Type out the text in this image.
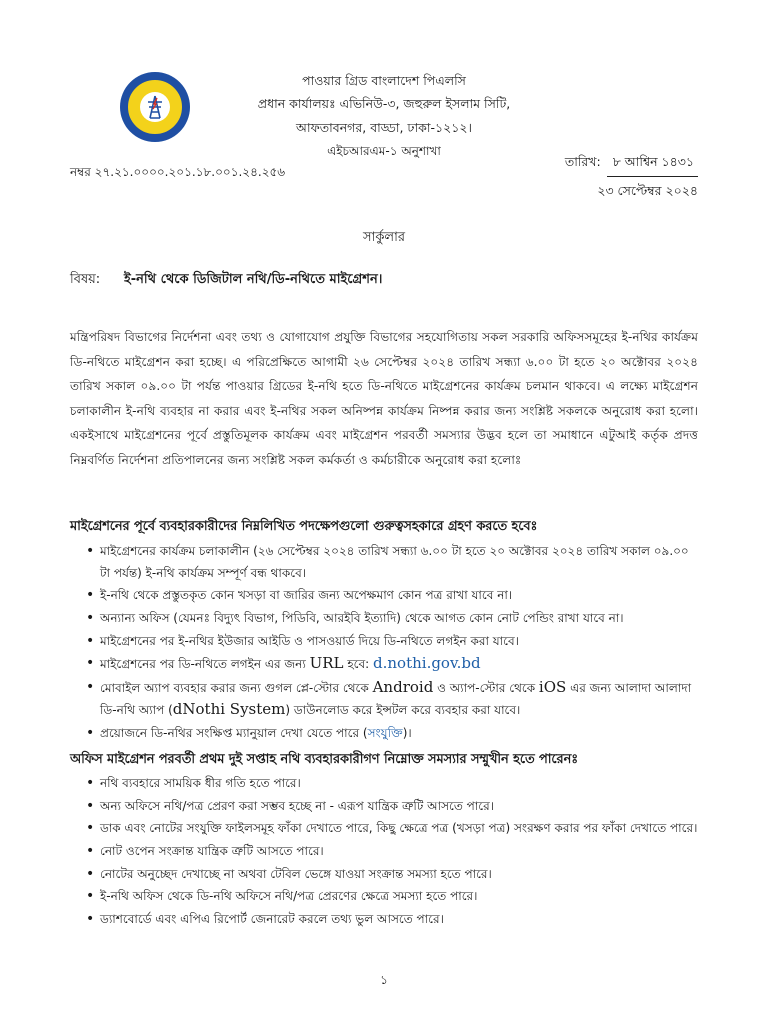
পাওয়ার গ্রিড বাংলাদেশ পিএলসি
প্রধান কার্যালয়ঃ এভিনিউ-৩, জহুরুল ইসলাম সিটি,
আফতাবনগর, বাড্ডা, ঢাকা-১২১২।
এইচআরএম-১ অনুশাখা
নম্বর ২৭.২১.০০০০.২০১.১৮.০০১.২৪.২৫৬
তারিখ: ৮ আশ্বিন ১৪৩১
২৩ সেপ্টেম্বর ২০২৪
সার্কুলার
বিষয়: ই-নথি থেকে ডিজিটাল নথি/ডি-নথিতে মাইগ্রেশন।
মন্ত্রিপরিষদ বিভাগের নির্দেশনা এবং তথ্য ও যোগাযোগ প্রযুক্তি বিভাগের সহযোগিতায় সকল সরকারি অফিসসমূহের ই-নথির কার্যক্রম ডি-নথিতে মাইগ্রেশন করা হচ্ছে। এ পরিপ্রেক্ষিতে আগামী ২৬ সেপ্টেম্বর ২০২৪ তারিখ সন্ধ্যা ৬.০০ টা হতে ২০ অক্টোবর ২০২৪ তারিখ সকাল ০৯.০০ টা পর্যন্ত পাওয়ার গ্রিডের ই-নথি হতে ডি-নথিতে মাইগ্রেশনের কার্যক্রম চলমান থাকবে। এ লক্ষ্যে মাইগ্রেশন চলাকালীন ই-নথি ব্যবহার না করার এবং ই-নথির সকল অনিষ্পন্ন কার্যক্রম নিষ্পন্ন করার জন্য সংশ্লিষ্ট সকলকে অনুরোধ করা হলো। একইসাথে মাইগ্রেশনের পূর্বে প্রস্তুতিমূলক কার্যক্রম এবং মাইগ্রেশন পরবর্তী সমস্যার উদ্ভব হলে তা সমাধানে এটুআই কর্তৃক প্রদত্ত নিম্নবর্ণিত নির্দেশনা প্রতিপালনের জন্য সংশ্লিষ্ট সকল কর্মকর্তা ও কর্মচারীকে অনুরোধ করা হলোঃ
মাইগ্রেশনের পূর্বে ব্যবহারকারীদের নিম্নলিখিত পদক্ষেপগুলো গুরুত্বসহকারে গ্রহণ করতে হবেঃ
• মাইগ্রেশনের কার্যক্রম চলাকালীন (২৬ সেপ্টেম্বর ২০২৪ তারিখ সন্ধ্যা ৬.০০ টা হতে ২০ অক্টোবর ২০২৪ তারিখ সকাল ০৯.০০ টা পর্যন্ত) ই-নথি কার্যক্রম সম্পূর্ণ বন্ধ থাকবে।
• ই-নথি থেকে প্রস্তুতকৃত কোন খসড়া বা জারির জন্য অপেক্ষমাণ কোন পত্র রাখা যাবে না।
• অন্যান্য অফিস (যেমনঃ বিদ্যুৎ বিভাগ, পিডিবি, আরইবি ইত্যাদি) থেকে আগত কোন নোট পেন্ডিং রাখা যাবে না।
• মাইগ্রেশনের পর ই-নথির ইউজার আইডি ও পাসওয়ার্ড দিয়ে ডি-নথিতে লগইন করা যাবে।
• মাইগ্রেশনের পর ডি-নথিতে লগইন এর জন্য URL হবে: d.nothi.gov.bd
• মোবাইল অ্যাপ ব্যবহার করার জন্য গুগল প্লে-স্টোর থেকে Android ও অ্যাপ-স্টোর থেকে iOS এর জন্য আলাদা আলাদা ডি-নথি অ্যাপ (dNothi System) ডাউনলোড করে ইন্সটল করে ব্যবহার করা যাবে।
• প্রয়োজনে ডি-নথির সংক্ষিপ্ত ম্যানুয়াল দেখা যেতে পারে (সংযুক্তি)।
অফিস মাইগ্রেশন পরবর্তী প্রথম দুই সপ্তাহ নথি ব্যবহারকারীগণ নিম্নোক্ত সমস্যার সম্মুখীন হতে পারেনঃ
• নথি ব্যবহারে সাময়িক ধীর গতি হতে পারে।
• অন্য অফিসে নথি/পত্র প্রেরণ করা সম্ভব হচ্ছে না - এরূপ যান্ত্রিক ত্রুটি আসতে পারে।
• ডাক এবং নোটের সংযুক্তি ফাইলসমূহ ফাঁকা দেখাতে পারে, কিছু ক্ষেত্রে পত্র (খসড়া পত্র) সংরক্ষণ করার পর ফাঁকা দেখাতে পারে।
• নোট ওপেন সংক্রান্ত যান্ত্রিক ত্রুটি আসতে পারে।
• নোটের অনুচ্ছেদ দেখাচ্ছে না অথবা টেবিল ভেঙ্গে যাওয়া সংক্রান্ত সমস্যা হতে পারে।
• ই-নথি অফিস থেকে ডি-নথি অফিসে নথি/পত্র প্রেরণের ক্ষেত্রে সমস্যা হতে পারে।
• ড্যাশবোর্ডে এবং এপিএ রিপোর্ট জেনারেট করলে তথ্য ভুল আসতে পারে।
১
